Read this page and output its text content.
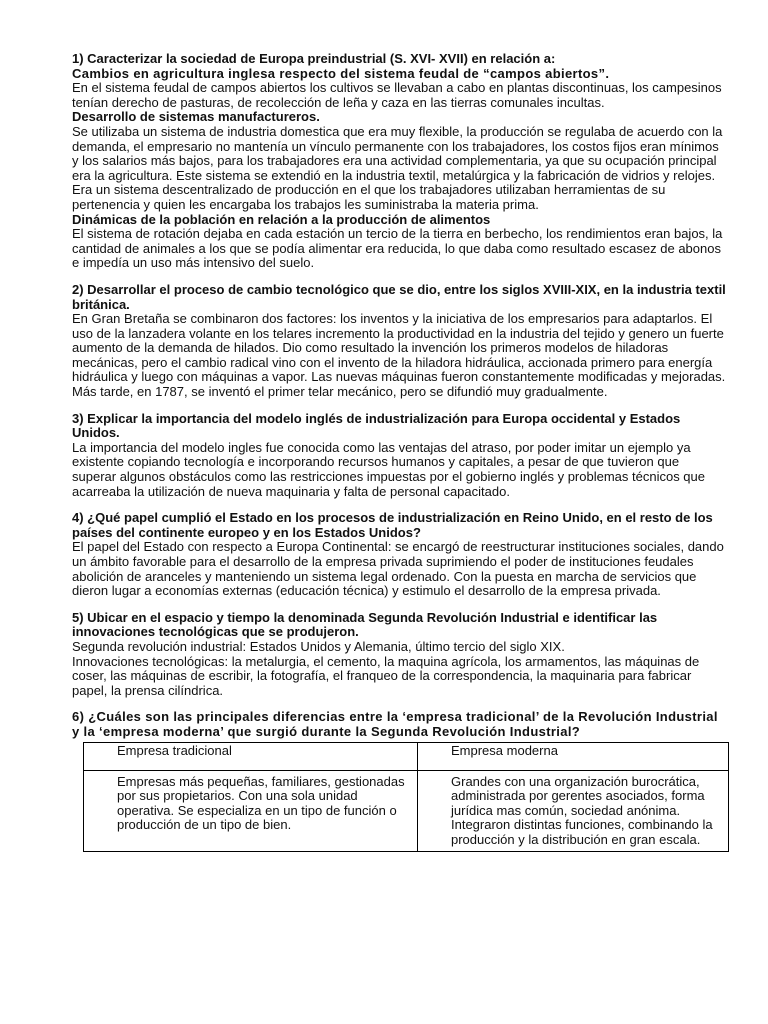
1) Caracterizar la sociedad de Europa preindustrial (S. XVI- XVII) en relación a:

Cambios en agricultura inglesa respecto del sistema feudal de “campos abiertos”.

En el sistema feudal de campos abiertos los cultivos se llevaban a cabo en plantas discontinuas, los campesinos tenían derecho de pasturas, de recolección de leña y caza en las tierras comunales incultas.

Desarrollo de sistemas manufactureros.

Se utilizaba un sistema de industria domestica que era muy flexible, la producción se regulaba de acuerdo con la demanda, el empresario no mantenía un vínculo permanente con los trabajadores, los costos fijos eran mínimos y los salarios más bajos, para los trabajadores era una actividad complementaria, ya que su ocupación principal era la agricultura. Este sistema se extendió en la industria textil, metalúrgica y la fabricación de vidrios y relojes. Era un sistema descentralizado de producción en el que los trabajadores utilizaban herramientas de su pertenencia y quien les encargaba los trabajos les suministraba la materia prima.

Dinámicas de la población en relación a la producción de alimentos

El sistema de rotación dejaba en cada estación un tercio de la tierra en berbecho, los rendimientos eran bajos, la cantidad de animales a los que se podía alimentar era reducida, lo que daba como resultado escasez de abonos e impedía un uso más intensivo del suelo.

2) Desarrollar el proceso de cambio tecnológico que se dio, entre los siglos XVIII-XIX, en la industria textil británica.

En Gran Bretaña se combinaron dos factores: los inventos y la iniciativa de los empresarios para adaptarlos. El uso de la lanzadera volante en los telares incremento la productividad en la industria del tejido y genero un fuerte aumento de la demanda de hilados. Dio como resultado la invención los primeros modelos de hiladoras mecánicas, pero el cambio radical vino con el invento de la hiladora hidráulica, accionada primero para energía hidráulica y luego con máquinas a vapor. Las nuevas máquinas fueron constantemente modificadas y mejoradas. Más tarde, en 1787, se inventó el primer telar mecánico, pero se difundió muy gradualmente.

3) Explicar la importancia del modelo inglés de industrialización para Europa occidental y Estados Unidos.

La importancia del modelo ingles fue conocida como las ventajas del atraso, por poder imitar un ejemplo ya existente copiando tecnología e incorporando recursos humanos y capitales, a pesar de que tuvieron que superar algunos obstáculos como las restricciones impuestas por el gobierno inglés y problemas técnicos que acarreaba la utilización de nueva maquinaria y falta de personal capacitado.

4) ¿Qué papel cumplió el Estado en los procesos de industrialización en Reino Unido, en el resto de los países del continente europeo y en los Estados Unidos?

El papel del Estado con respecto a Europa Continental: se encargó de reestructurar instituciones sociales, dando un ámbito favorable para el desarrollo de la empresa privada suprimiendo el poder de instituciones feudales abolición de aranceles y manteniendo un sistema legal ordenado. Con la puesta en marcha de servicios que dieron lugar a economías externas (educación técnica) y estimulo el desarrollo de la empresa privada.

5) Ubicar en el espacio y tiempo la denominada Segunda Revolución Industrial e identificar las innovaciones tecnológicas que se produjeron.

Segunda revolución industrial: Estados Unidos y Alemania, último tercio del siglo XIX.

Innovaciones tecnológicas: la metalurgia, el cemento, la maquina agrícola, los armamentos, las máquinas de coser, las máquinas de escribir, la fotografía, el franqueo de la correspondencia, la maquinaria para fabricar papel, la prensa cilíndrica.

6) ¿Cuáles son las principales diferencias entre la ‘empresa tradicional’ de la Revolución Industrial y la ‘empresa moderna’ que surgió durante la Segunda Revolución Industrial?

Empresa tradicional	Empresa moderna
Empresas más pequeñas, familiares, gestionadas por sus propietarios. Con una sola unidad operativa. Se especializa en un tipo de función o producción de un tipo de bien.	Grandes con una organización burocrática, administrada por gerentes asociados, forma jurídica mas común, sociedad anónima. Integraron distintas funciones, combinando la producción y la distribución en gran escala.
